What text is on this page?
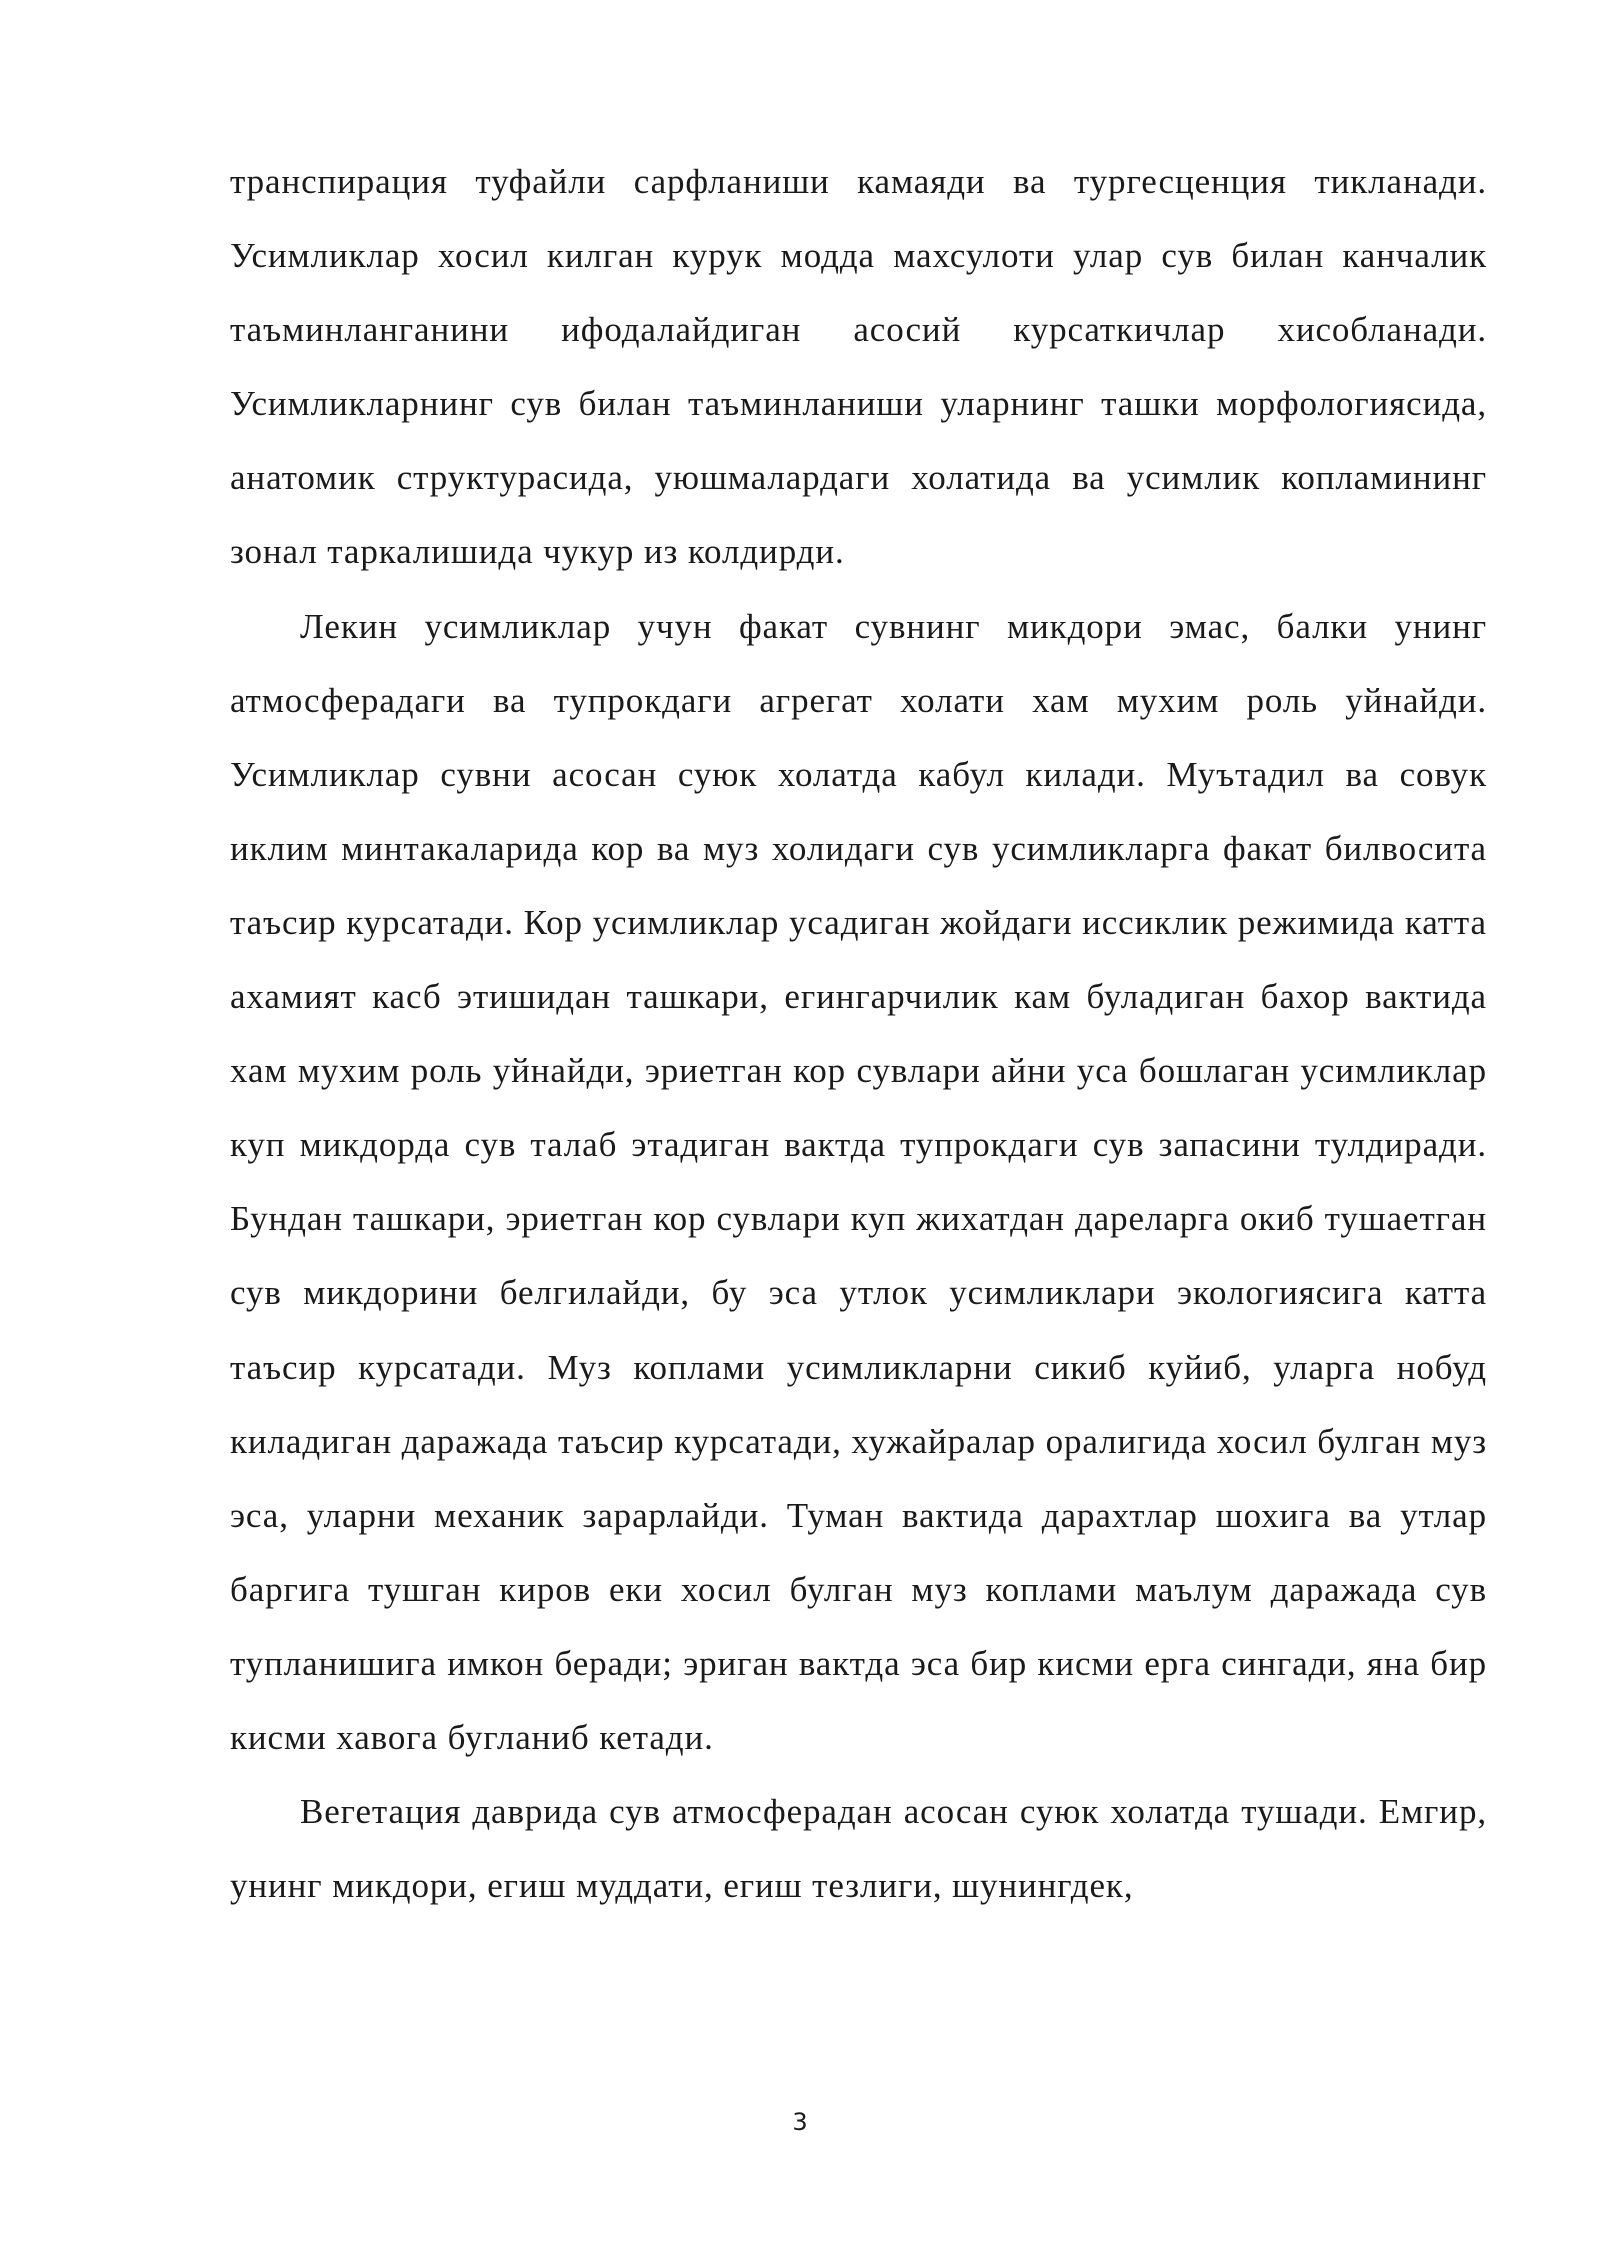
транспирация туфайли сарфланиши камаяди ва тургесценция тикланади. Усимликлар хосил килган курук модда махсулоти улар сув билан канчалик таъминланганини ифодалайдиган асосий курсаткичлар хисобланади. Усимликларнинг сув билан таъминланиши уларнинг ташки морфологиясида, анатомик структурасида, уюшмалардаги холатида ва усимлик копламининг зонал таркалишида чукур из колдирди.

Лекин усимликлар учун факат сувнинг микдори эмас, балки унинг атмосферадаги ва тупрокдаги агрегат холати хам мухим роль уйнайди. Усимликлар сувни асосан суюк холатда кабул килади. Муътадил ва совук иклим минтакаларида кор ва муз холидаги сув усимликларга факат билвосита таъсир курсатади. Кор усимликлар усадиган жойдаги иссиклик режимида катта ахамият касб этишидан ташкари, егингарчилик кам буладиган бахор вактида хам мухим роль уйнайди, эриетган кор сувлари айни уса бошлаган усимликлар куп микдорда сув талаб этадиган вактда тупрокдаги сув запасини тулдиради. Бундан ташкари, эриетган кор сувлари куп жихатдан дареларга окиб тушаетган сув микдорини белгилайди, бу эса утлок усимликлари экологиясига катта таъсир курсатади. Муз коплами усимликларни сикиб куйиб, уларга нобуд киладиган даражада таъсир курсатади, хужайралар оралигида хосил булган муз эса, уларни механик зарарлайди. Туман вактида дарахтлар шохига ва утлар баргига тушган киров еки хосил булган муз коплами маълум даражада сув тупланишига имкон беради; эриган вактда эса бир кисми ерга сингади, яна бир кисми хавога бугланиб кетади.

Вегетация даврида сув атмосферадан асосан суюк холатда тушади. Емгир, унинг микдори, егиш муддати, егиш тезлиги, шунингдек,

3
